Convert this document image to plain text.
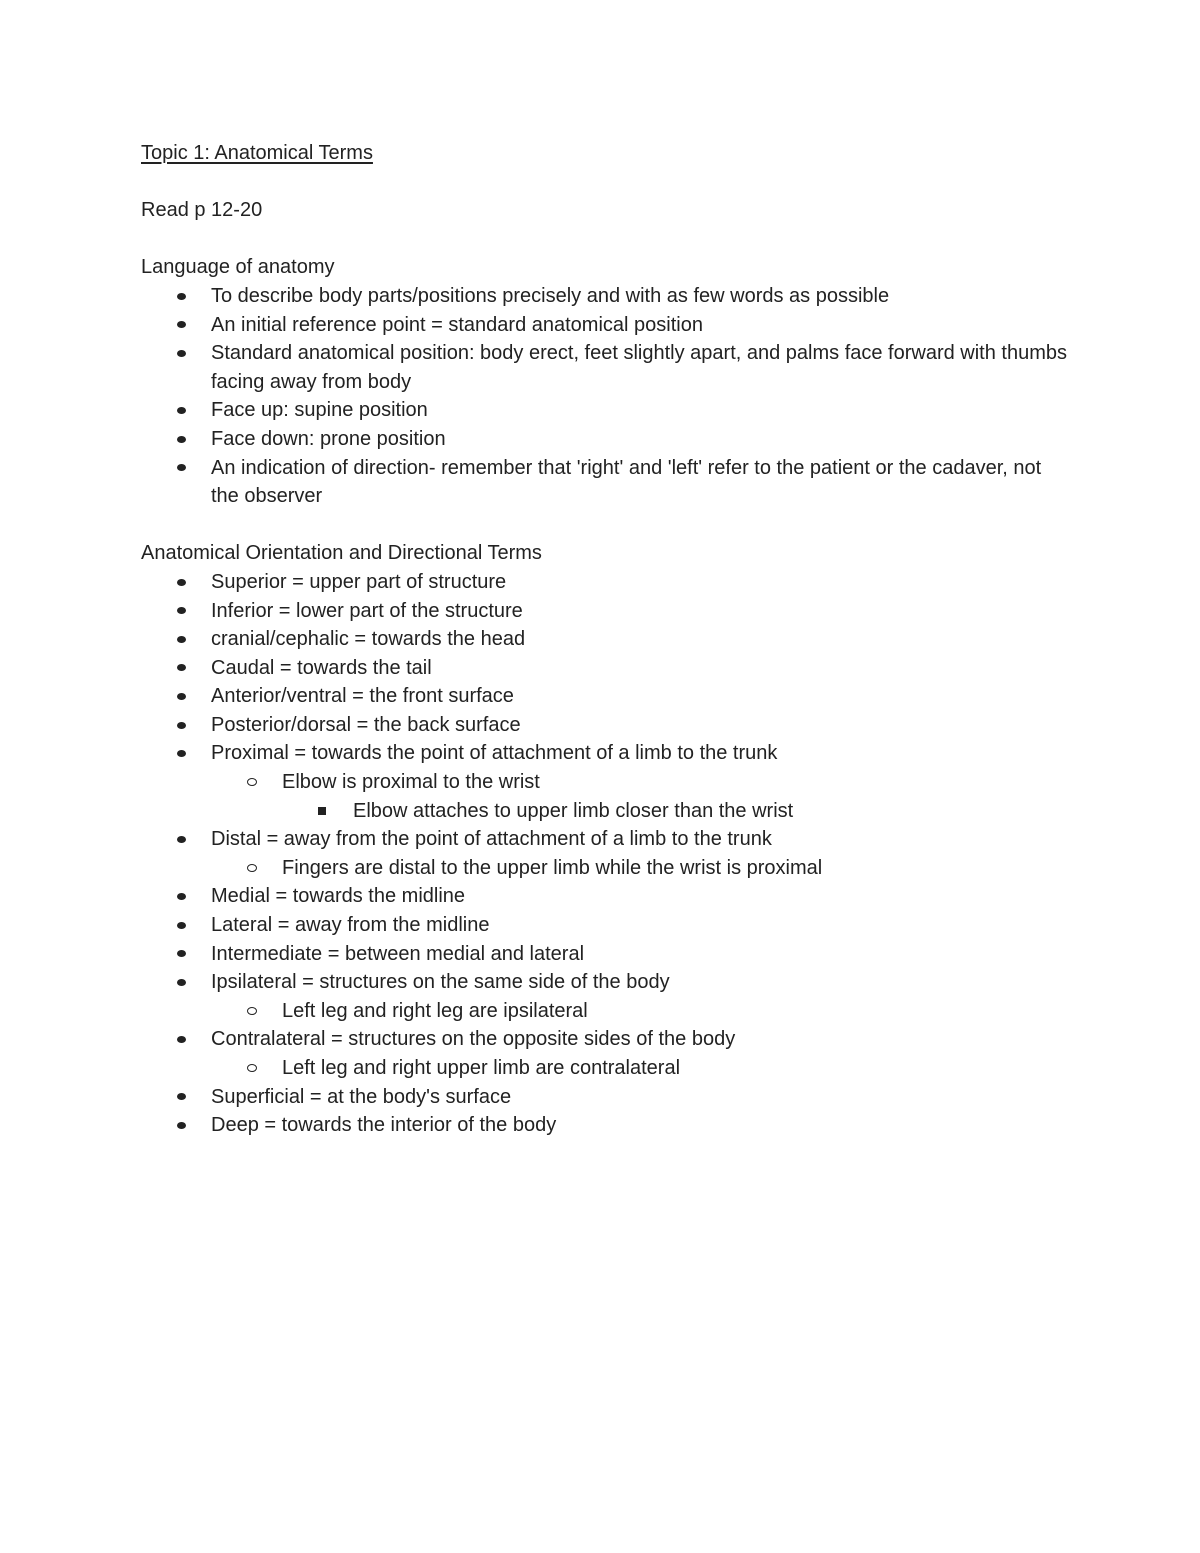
Topic 1: Anatomical Terms

Read p 12-20

Language of anatomy

To describe body parts/positions precisely and with as few words as possible
An initial reference point = standard anatomical position
Standard anatomical position: body erect, feet slightly apart, and palms face forward with thumbs facing away from body
Face up: supine position
Face down: prone position
An indication of direction- remember that 'right' and 'left' refer to the patient or the cadaver, not the observer

Anatomical Orientation and Directional Terms

Superior = upper part of structure
Inferior = lower part of the structure
cranial/cephalic = towards the head
Caudal = towards the tail
Anterior/ventral = the front surface
Posterior/dorsal = the back surface
Proximal = towards the point of attachment of a limb to the trunk
Elbow is proximal to the wrist
Elbow attaches to upper limb closer than the wrist
Distal = away from the point of attachment of a limb to the trunk
Fingers are distal to the upper limb while the wrist is proximal
Medial = towards the midline
Lateral = away from the midline
Intermediate = between medial and lateral
Ipsilateral = structures on the same side of the body
Left leg and right leg are ipsilateral
Contralateral = structures on the opposite sides of the body
Left leg and right upper limb are contralateral
Superficial = at the body's surface
Deep = towards the interior of the body
